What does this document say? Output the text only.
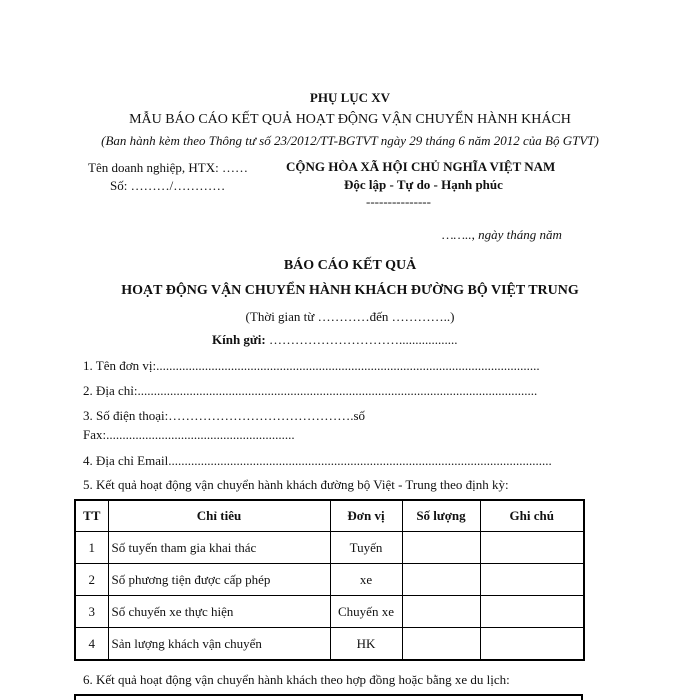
PHỤ LỤC XV
MẪU BÁO CÁO KẾT QUẢ HOẠT ĐỘNG VẬN CHUYỂN HÀNH KHÁCH
(Ban hành kèm theo Thông tư số 23/2012/TT-BGTVT ngày 29 tháng 6 năm 2012 của Bộ GTVT)
Tên doanh nghiệp, HTX: ……
Số: ………/…………
CỘNG HÒA XÃ HỘI CHỦ NGHĨA VIỆT NAM
Độc lập - Tự do - Hạnh phúc
---------------
…….., ngày tháng năm
BÁO CÁO KẾT QUẢ
HOẠT ĐỘNG VẬN CHUYỂN HÀNH KHÁCH ĐƯỜNG BỘ VIỆT TRUNG
(Thời gian từ …………đến …………..)
Kính gửi: …………………………..................
1. Tên đơn vị:......................................................................................................................
2. Địa chỉ:...........................................................................................................................
3. Số điện thoại:…………………………………….số
Fax:..........................................................
4. Địa chỉ Email......................................................................................................................
5. Kết quả hoạt động vận chuyển hành khách đường bộ Việt - Trung theo định kỳ:
TT	Chỉ tiêu	Đơn vị	Số lượng	Ghi chú
1	Số tuyến tham gia khai thác	Tuyến		
2	Số phương tiện được cấp phép	xe		
3	Số chuyến xe thực hiện	Chuyến xe		
4	Sản lượng khách vận chuyển	HK		
6. Kết quả hoạt động vận chuyển hành khách theo hợp đồng hoặc bằng xe du lịch:
